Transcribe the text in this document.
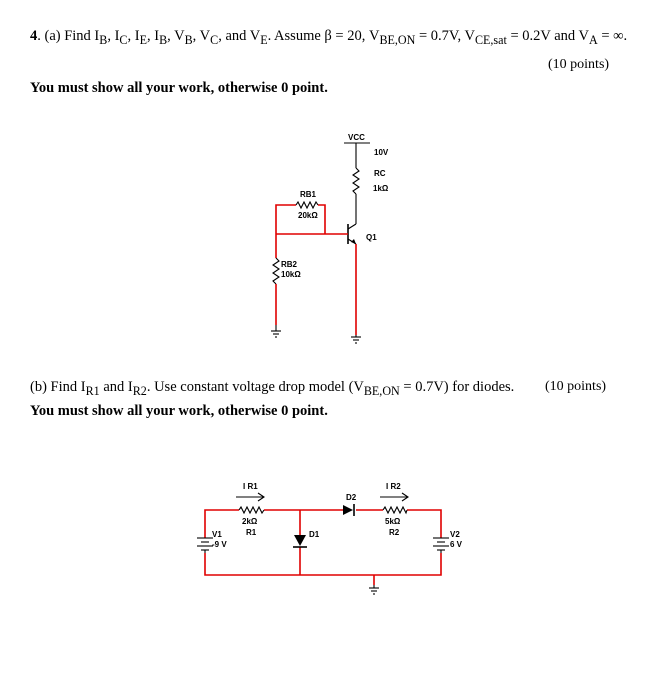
4. (a) Find $I_B$, $I_C$, $I_E$, $I_B$, $V_B$, $V_C$, and $V_E$. Assume β = 20, $V_{BE,ON} = 0.7V$, $V_{CE,sat} = 0.2V$ and $V_A$ = ∞.
(10 points)
You must show all your work, otherwise 0 point.
VCC
10V
RC
1kΩ
RB1
20kΩ
RB2
10kΩ
Q1
(b) Find $I_{R1}$ and $I_{R2}$. Use constant voltage drop model $(V_{BE,ON} = 0.7V)$ for diodes. (10 points)
You must show all your work, otherwise 0 point.
I R1	I R2
2kΩ
R1
5kΩ
R2
D2
D1
V1
-9 V
V2
6 V
